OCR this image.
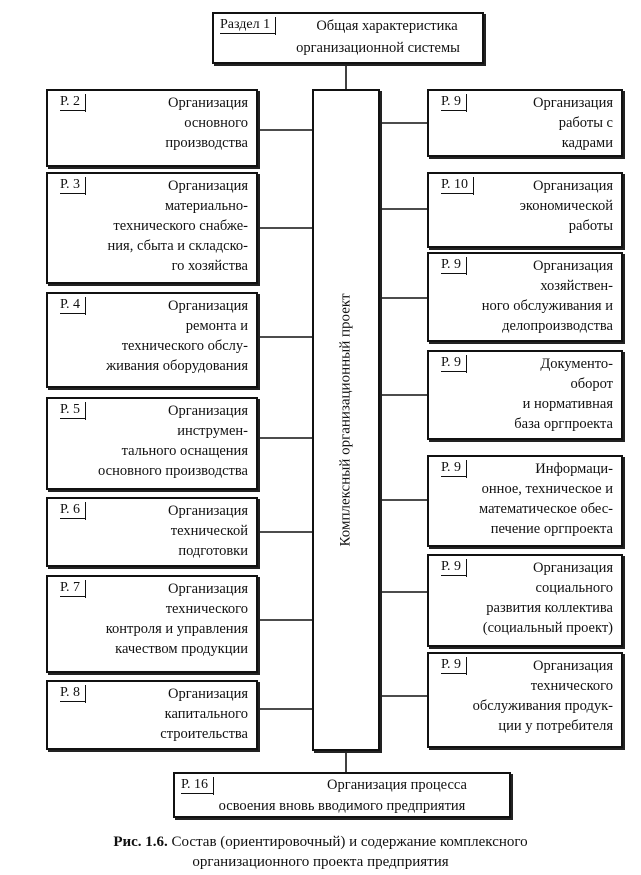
Раздел 1	Общая характеристика
организационной системы
Комплексный организационный проект
Р. 2	Организация
основного
производства
Р. 3	Организация
материально-
технического снабже-
ния, сбыта и складско-
го хозяйства
Р. 4	Организация
ремонта и
технического обслу-
живания оборудования
Р. 5	Организация
инструмен-
тального оснащения
основного производства
Р. 6	Организация
технической
подготовки
Р. 7	Организация
технического
контроля и управления
качеством продукции
Р. 8	Организация
капитального
строительства
Р. 9	Организация
работы с
кадрами
Р. 10	Организация
экономической
работы
Р. 9	Организация
хозяйствен-
ного обслуживания и
делопроизводства
Р. 9	Документо-
оборот
и нормативная
база оргпроекта
Р. 9	Информаци-
онное, техническое и
математическое обес-
печение оргпроекта
Р. 9	Организация
социального
развития коллектива
(социальный проект)
Р. 9	Организация
технического
обслуживания продук-
ции у потребителя
Р. 16	Организация процесса
освоения вновь вводимого предприятия
Рис. 1.6. Состав (ориентировочный) и содержание комплексного
организационного проекта предприятия
